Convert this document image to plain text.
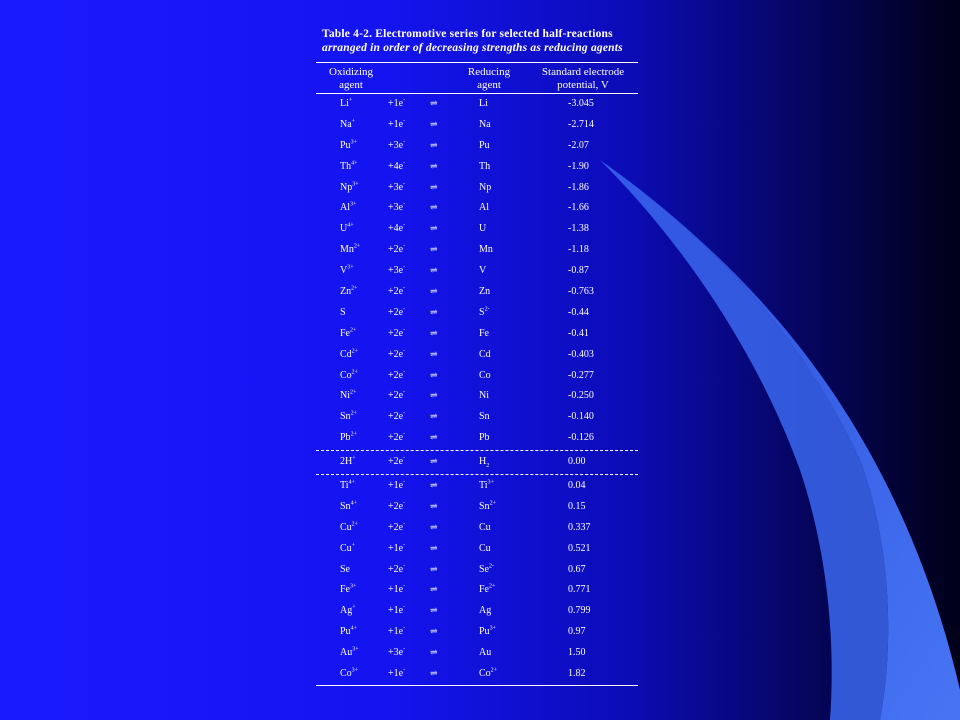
Table 4-2. Electromotive series for selected half-reactions
arranged in order of decreasing strengths as reducing agents
Oxidizing agent
Reducing agent
Standard electrode potential, V
Li+	+1e-	⇌	Li	-3.045
Na+	+1e-	⇌	Na	-2.714
$Pu^{3+}$	+3e-	⇌	Pu	-2.07
$Th^{4+}$	+4e-	⇌	Th	-1.90
$Np^{3+}$	+3e-	⇌	Np	-1.86
$Al^{3+}$	+3e-	⇌	Al	-1.66
$U^{4+}$	+4e-	⇌	U	-1.38
$Mn^{2+}$	+2e-	⇌	Mn	-1.18
$V^{3+}$	+3e-	⇌	V	-0.87
$Zn^{2+}$	+2e-	⇌	Zn	-0.763
S	+2e-	⇌	$S^{2-}$	-0.44
$Fe^{2+}$	+2e-	⇌	Fe	-0.41
$Cd^{2+}$	+2e-	⇌	Cd	-0.403
$Co^{2+}$	+2e-	⇌	Co	-0.277
$Ni^{2+}$	+2e-	⇌	Ni	-0.250
$Sn^{2+}$	+2e-	⇌	Sn	-0.140
$Pb^{2+}$	+2e-	⇌	Pb	-0.126
2H+	+2e-	⇌	$H_2$	0.00
$Ti^{4+}$	+1e-	⇌	$Ti^{3+}$	0.04
$Sn^{4+}$	+2e-	⇌	$Sn^{2+}$	0.15
$Cu^{2+}$	+2e-	⇌	Cu	0.337
Cu+	+1e-	⇌	Cu	0.521
Se	+2e-	⇌	$Se^{2-}$	0.67
$Fe^{3+}$	+1e-	⇌	$Fe^{2+}$	0.771
Ag+	+1e-	⇌	Ag	0.799
$Pu^{4+}$	+1e-	⇌	$Pu^{3+}$	0.97
$Au^{3+}$	+3e-	⇌	Au	1.50
$Co^{3+}$	+1e-	⇌	$Co^{2+}$	1.82
